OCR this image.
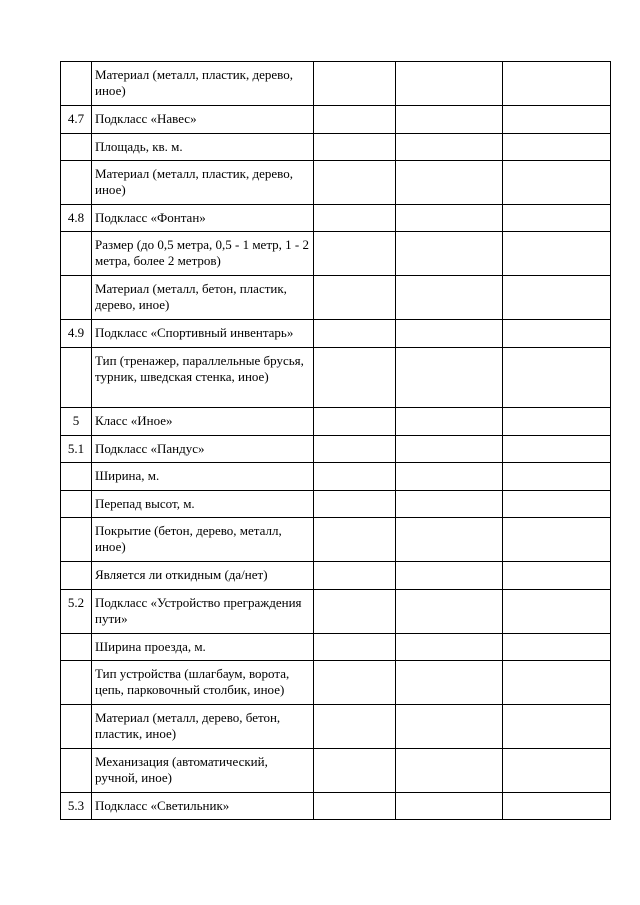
	Материал (металл, пластик, дерево, иное)			
4.7	Подкласс «Навес»			
	Площадь, кв. м.			
	Материал (металл, пластик, дерево, иное)			
4.8	Подкласс «Фонтан»			
	Размер (до 0,5 метра, 0,5 - 1 метр, 1 - 2 метра, более 2 метров)			
	Материал (металл, бетон, пластик, дерево, иное)			
4.9	Подкласс «Спортивный инвентарь»			
	Тип (тренажер, параллельные брусья, турник, шведская стенка, иное)			
5	Класс «Иное»			
5.1	Подкласс «Пандус»			
	Ширина, м.			
	Перепад высот, м.			
	Покрытие (бетон, дерево, металл, иное)			
	Является ли откидным (да/нет)			
5.2	Подкласс «Устройство преграждения пути»			
	Ширина проезда, м.			
	Тип устройства (шлагбаум, ворота, цепь, парковочный столбик, иное)			
	Материал (металл, дерево, бетон, пластик, иное)			
	Механизация (автоматический, ручной, иное)			
5.3	Подкласс «Светильник»			
